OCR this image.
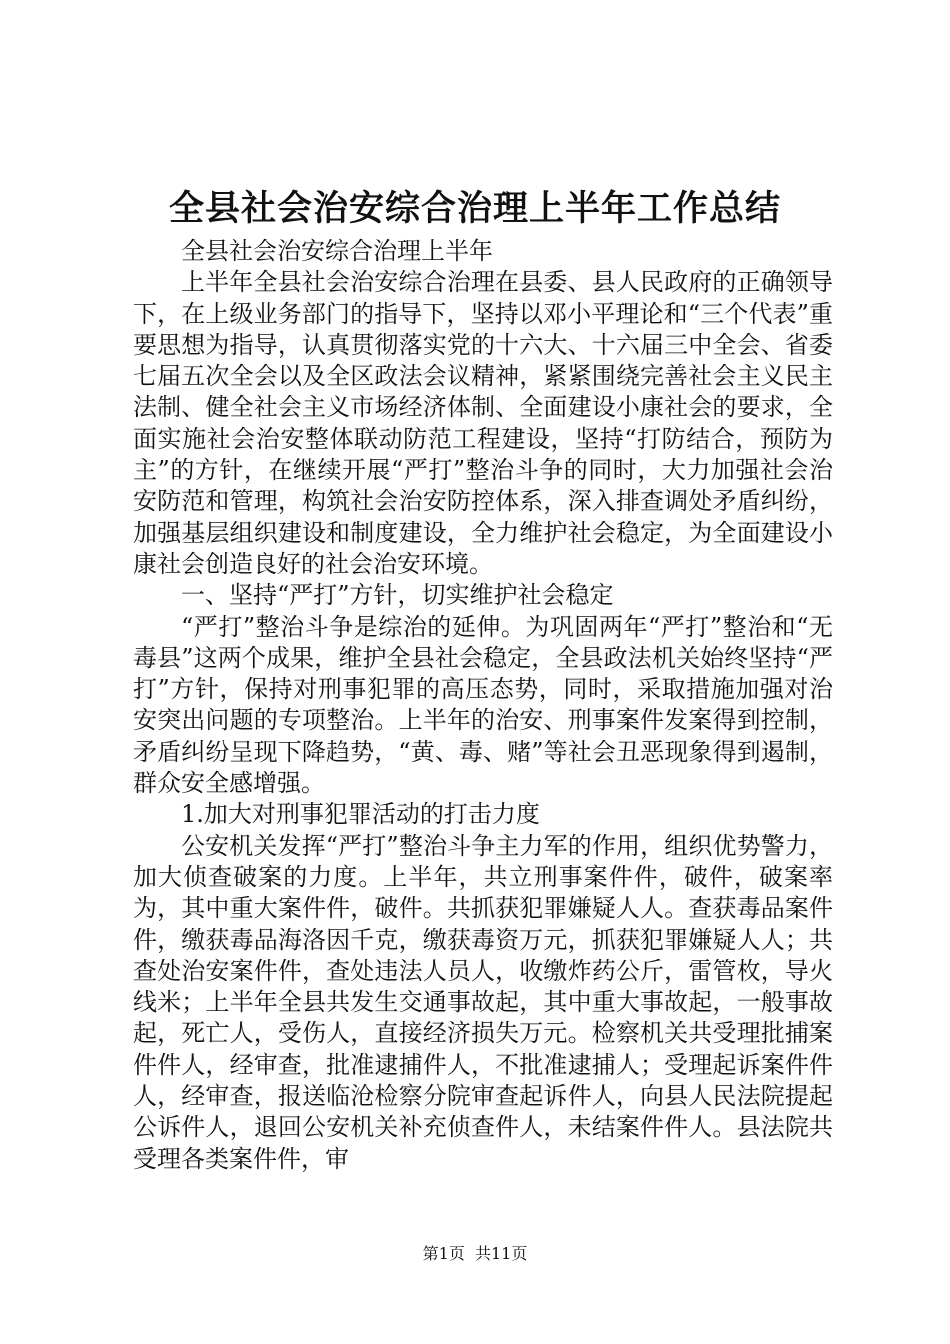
全县社会治安综合治理上半年工作总结

全县社会治安综合治理上半年

上半年全县社会治安综合治理在县委、县人民政府的正确领导下，在上级业务部门的指导下，坚持以邓小平理论和“三个代表”重要思想为指导，认真贯彻落实党的十六大、十六届三中全会、省委七届五次全会以及全区政法会议精神，紧紧围绕完善社会主义民主法制、健全社会主义市场经济体制、全面建设小康社会的要求，全面实施社会治安整体联动防范工程建设，坚持“打防结合，预防为主”的方针，在继续开展“严打”整治斗争的同时，大力加强社会治安防范和管理，构筑社会治安防控体系，深入排查调处矛盾纠纷，加强基层组织建设和制度建设，全力维护社会稳定，为全面建设小康社会创造良好的社会治安环境。

一、坚持“严打”方针，切实维护社会稳定

“严打”整治斗争是综治的延伸。为巩固两年“严打”整治和“无毒县”这两个成果，维护全县社会稳定，全县政法机关始终坚持“严打”方针，保持对刑事犯罪的高压态势，同时，采取措施加强对治安突出问题的专项整治。上半年的治安、刑事案件发案得到控制，矛盾纠纷呈现下降趋势，“黄、毒、赌”等社会丑恶现象得到遏制，群众安全感增强。

1.加大对刑事犯罪活动的打击力度

公安机关发挥“严打”整治斗争主力军的作用，组织优势警力，加大侦查破案的力度。上半年，共立刑事案件件，破件，破案率为，其中重大案件件，破件。共抓获犯罪嫌疑人人。查获毒品案件件，缴获毒品海洛因千克，缴获毒资万元，抓获犯罪嫌疑人人；共查处治安案件件，查处违法人员人，收缴炸药公斤，雷管枚，导火线米；上半年全县共发生交通事故起，其中重大事故起，一般事故起，死亡人，受伤人，直接经济损失万元。检察机关共受理批捕案件件人，经审查，批准逮捕件人，不批准逮捕人；受理起诉案件件人，经审查，报送临沧检察分院审查起诉件人，向县人民法院提起公诉件人，退回公安机关补充侦查件人，未结案件件人。县法院共受理各类案件件，审

第1页  共11页
